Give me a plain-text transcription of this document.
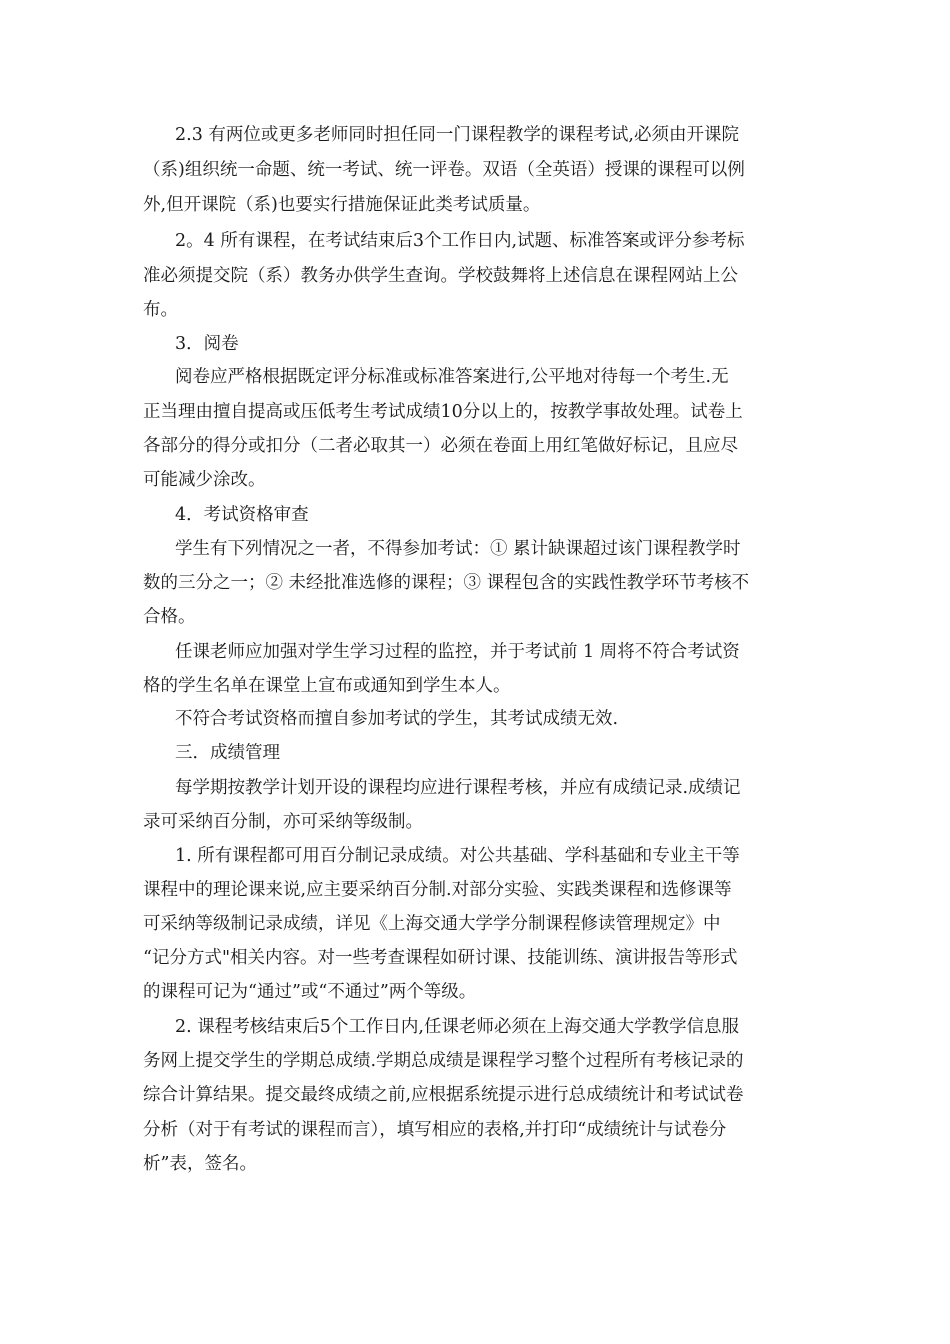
2.3 有两位或更多老师同时担任同一门课程教学的课程考试,必须由开课院
（系)组织统一命题、统一考试、统一评卷。双语（全英语）授课的课程可以例
外,但开课院（系)也要实行措施保证此类考试质量。
2。4 所有课程，在考试结束后3个工作日内,试题、标准答案或评分参考标
准必须提交院（系）教务办供学生查询。学校鼓舞将上述信息在课程网站上公
布。
3．阅卷
阅卷应严格根据既定评分标准或标准答案进行,公平地对待每一个考生.无
正当理由擅自提高或压低考生考试成绩10分以上的，按教学事故处理。试卷上
各部分的得分或扣分（二者必取其一）必须在卷面上用红笔做好标记，且应尽
可能减少涂改。
4．考试资格审查
学生有下列情况之一者，不得参加考试：① 累计缺课超过该门课程教学时
数的三分之一；② 未经批准选修的课程；③ 课程包含的实践性教学环节考核不
合格。
任课老师应加强对学生学习过程的监控，并于考试前 1 周将不符合考试资
格的学生名单在课堂上宣布或通知到学生本人。
不符合考试资格而擅自参加考试的学生，其考试成绩无效.
三．成绩管理
每学期按教学计划开设的课程均应进行课程考核，并应有成绩记录.成绩记
录可采纳百分制，亦可采纳等级制。
1. 所有课程都可用百分制记录成绩。对公共基础、学科基础和专业主干等
课程中的理论课来说,应主要采纳百分制.对部分实验、实践类课程和选修课等
可采纳等级制记录成绩，详见《上海交通大学学分制课程修读管理规定》中
“记分方式"相关内容。对一些考查课程如研讨课、技能训练、演讲报告等形式
的课程可记为“通过”或“不通过”两个等级。
2. 课程考核结束后5个工作日内,任课老师必须在上海交通大学教学信息服
务网上提交学生的学期总成绩.学期总成绩是课程学习整个过程所有考核记录的
综合计算结果。提交最终成绩之前,应根据系统提示进行总成绩统计和考试试卷
分析（对于有考试的课程而言），填写相应的表格,并打印“成绩统计与试卷分
析”表，签名。
